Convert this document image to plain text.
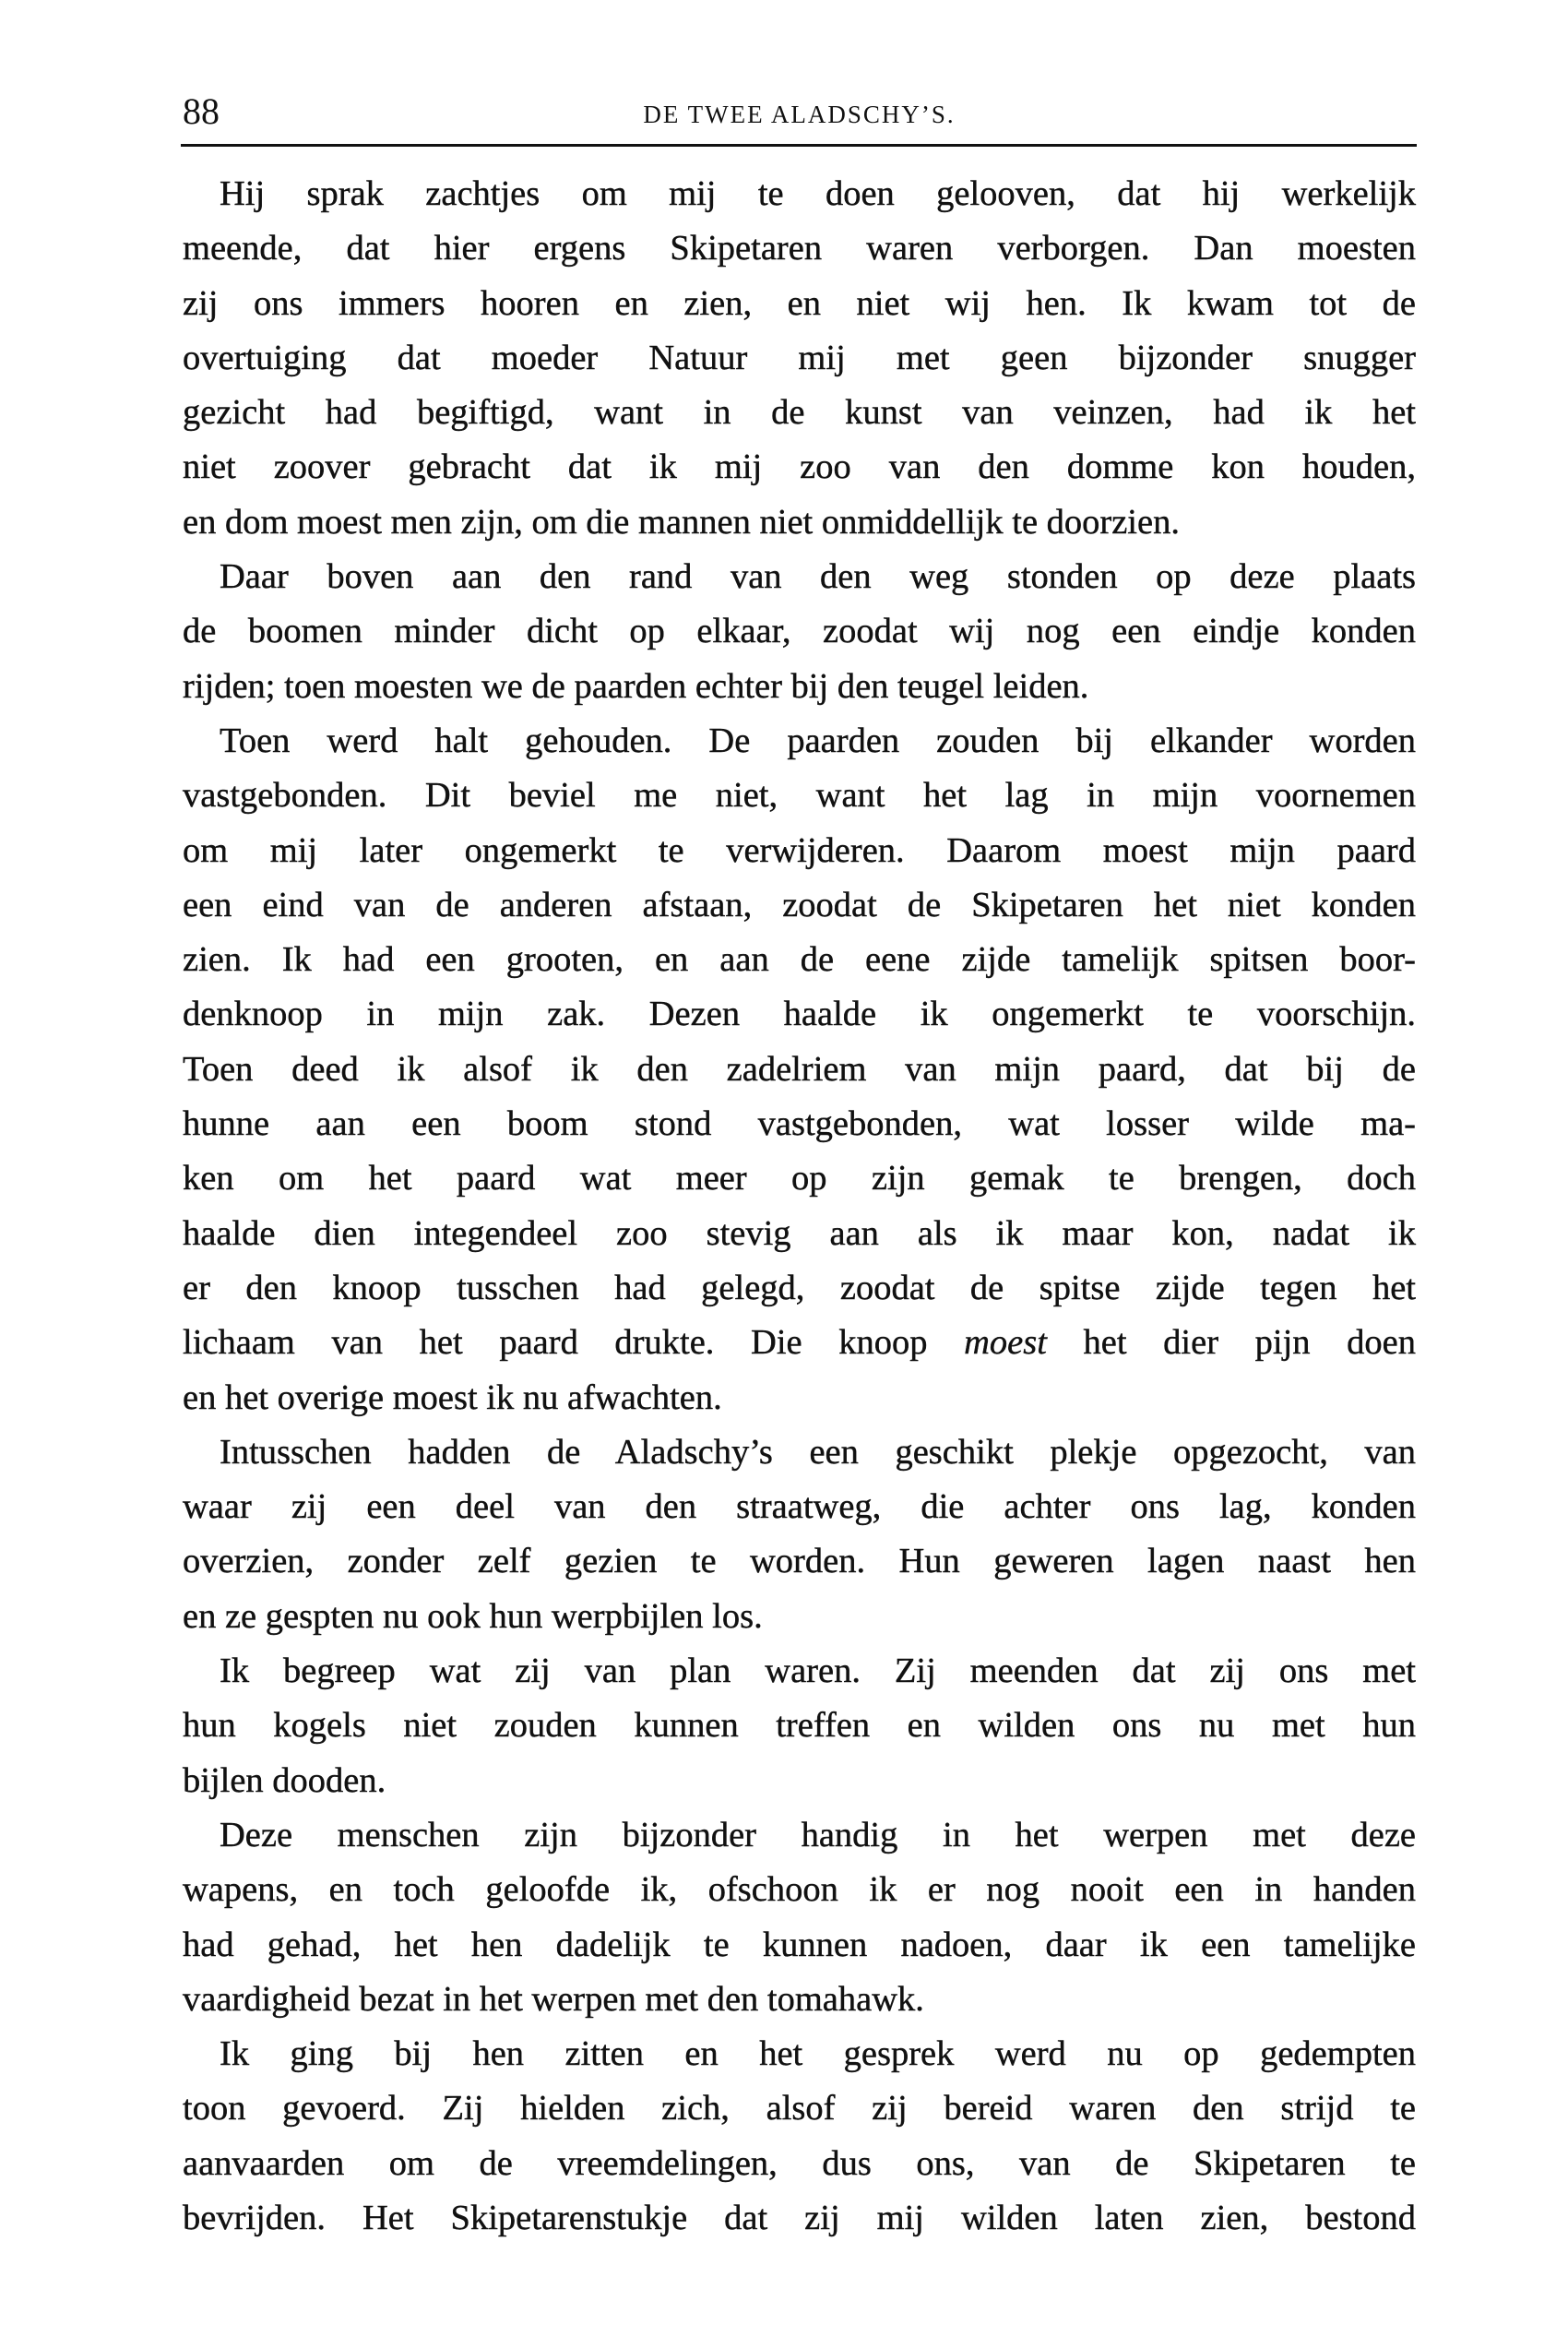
88	DE TWEE ALADSCHY’S.
Hij sprak zachtjes om mij te doen gelooven, dat hij werkelijk
meende, dat hier ergens Skipetaren waren verborgen. Dan moesten
zij ons immers hooren en zien, en niet wij hen. Ik kwam tot de
overtuiging dat moeder Natuur mij met geen bijzonder snugger
gezicht had begiftigd, want in de kunst van veinzen, had ik het
niet zoover gebracht dat ik mij zoo van den domme kon houden,
en dom moest men zijn, om die mannen niet onmiddellijk te doorzien.
Daar boven aan den rand van den weg stonden op deze plaats
de boomen minder dicht op elkaar, zoodat wij nog een eindje konden
rijden; toen moesten we de paarden echter bij den teugel leiden.
Toen werd halt gehouden. De paarden zouden bij elkander worden
vastgebonden. Dit beviel me niet, want het lag in mijn voornemen
om mij later ongemerkt te verwijderen. Daarom moest mijn paard
een eind van de anderen afstaan, zoodat de Skipetaren het niet konden
zien. Ik had een grooten, en aan de eene zijde tamelijk spitsen boor-
denknoop in mijn zak. Dezen haalde ik ongemerkt te voorschijn.
Toen deed ik alsof ik den zadelriem van mijn paard, dat bij de
hunne aan een boom stond vastgebonden, wat losser wilde ma-
ken om het paard wat meer op zijn gemak te brengen, doch
haalde dien integendeel zoo stevig aan als ik maar kon, nadat ik
er den knoop tusschen had gelegd, zoodat de spitse zijde tegen het
lichaam van het paard drukte. Die knoop moest het dier pijn doen
en het overige moest ik nu afwachten.
Intusschen hadden de Aladschy’s een geschikt plekje opgezocht, van
waar zij een deel van den straatweg, die achter ons lag, konden
overzien, zonder zelf gezien te worden. Hun geweren lagen naast hen
en ze gespten nu ook hun werpbijlen los.
Ik begreep wat zij van plan waren. Zij meenden dat zij ons met
hun kogels niet zouden kunnen treffen en wilden ons nu met hun
bijlen dooden.
Deze menschen zijn bijzonder handig in het werpen met deze
wapens, en toch geloofde ik, ofschoon ik er nog nooit een in handen
had gehad, het hen dadelijk te kunnen nadoen, daar ik een tamelijke
vaardigheid bezat in het werpen met den tomahawk.
Ik ging bij hen zitten en het gesprek werd nu op gedempten
toon gevoerd. Zij hielden zich, alsof zij bereid waren den strijd te
aanvaarden om de vreemdelingen, dus ons, van de Skipetaren te
bevrijden. Het Skipetarenstukje dat zij mij wilden laten zien, bestond
